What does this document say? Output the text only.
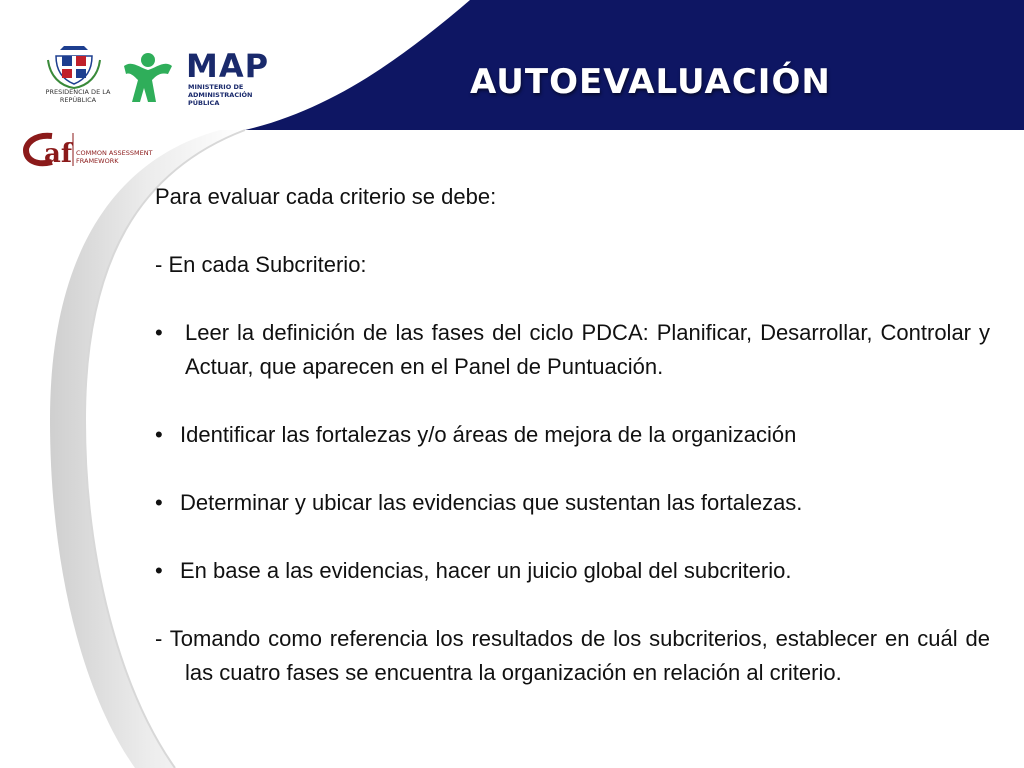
af
PRESIDENCIA DE LA REPÚBLICA
MAP
MINISTERIO DE ADMINISTRACIÓN PÚBLICA
COMMON ASSESSMENT FRAMEWORK
AUTOEVALUACIÓN

Para evaluar cada criterio se debe:

- En cada Subcriterio:

•	Leer la definición de las fases del ciclo PDCA: Planificar, Desarrollar, Controlar y Actuar, que aparecen en el Panel de Puntuación.
• Identificar las fortalezas y/o áreas de mejora de la organización
• Determinar y ubicar las evidencias que sustentan las fortalezas.
• En base a las evidencias, hacer un juicio global del subcriterio.

- Tomando como referencia los resultados de los subcriterios, establecer en cuál de las cuatro fases se encuentra la organización en relación al criterio.
